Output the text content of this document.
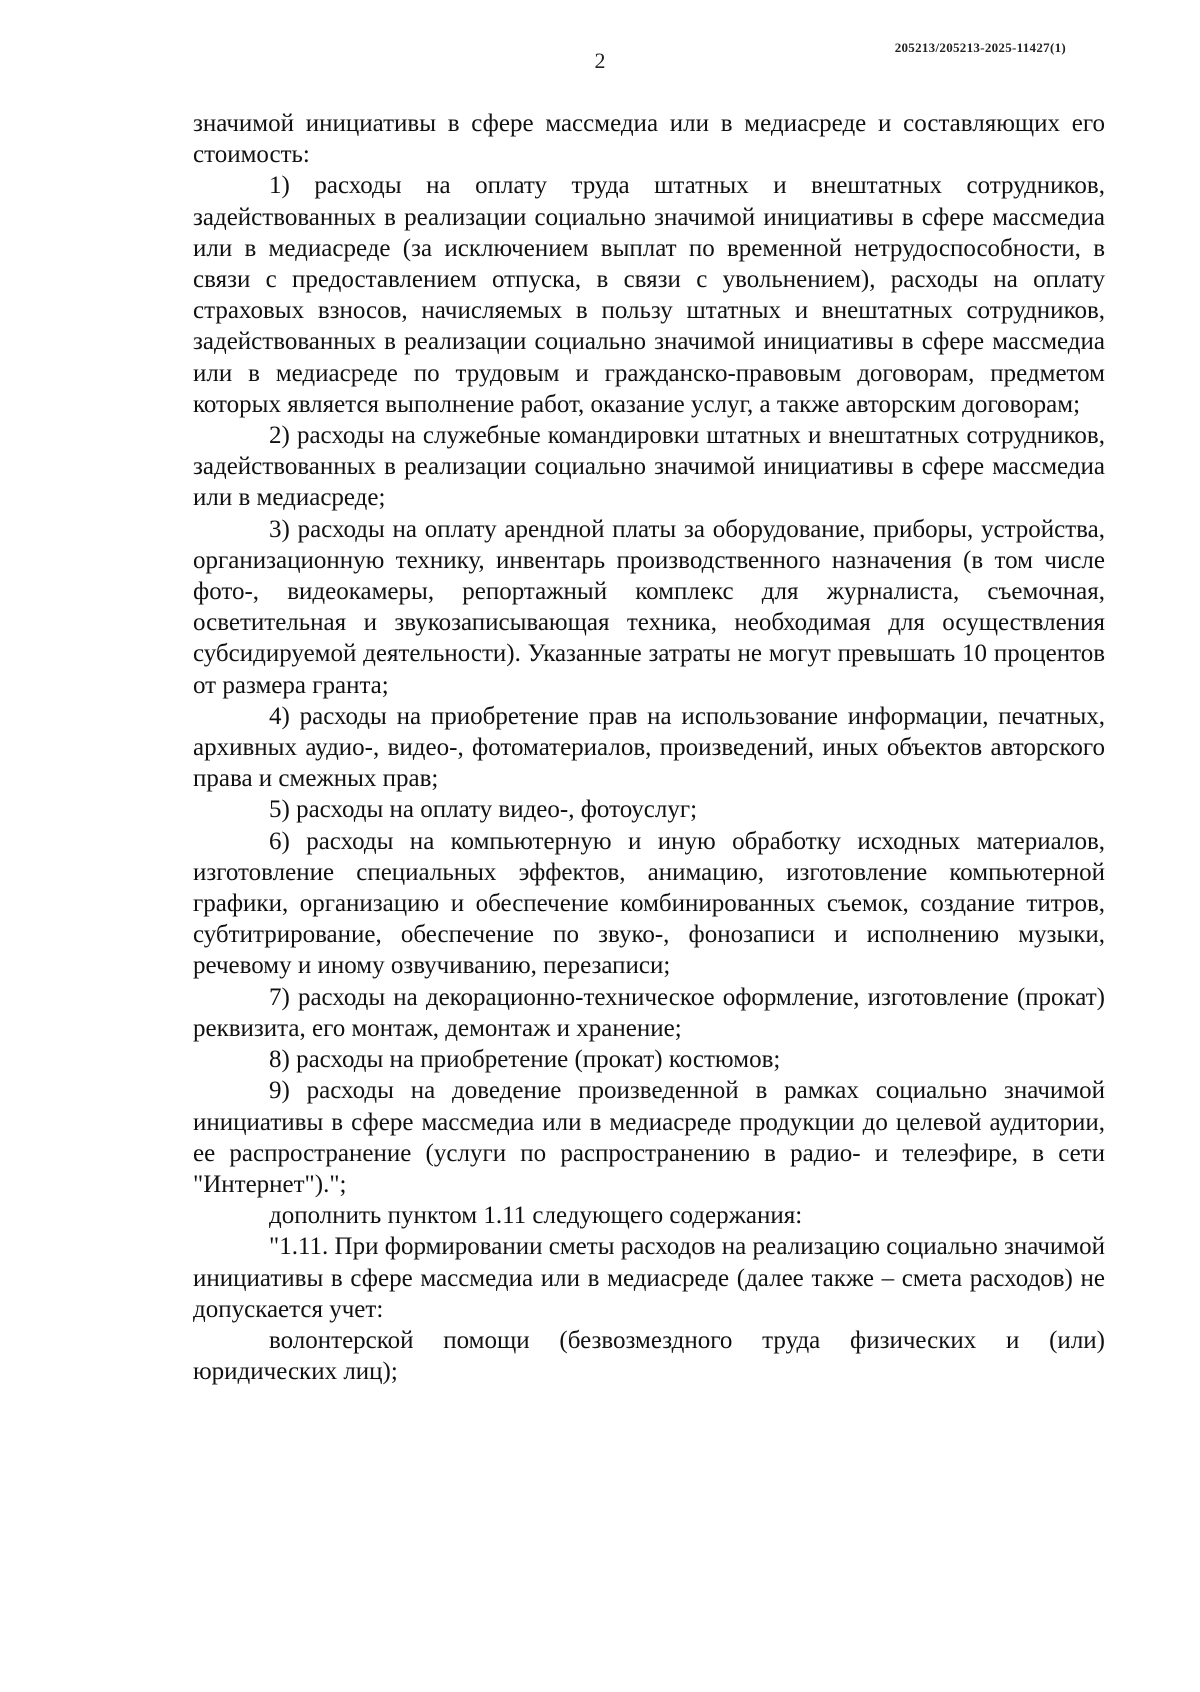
205213/205213-2025-11427(1)
2

значимой инициативы в сфере массмедиа или в медиасреде и составляющих его стоимость:

1) расходы на оплату труда штатных и внештатных сотрудников, задействованных в реализации социально значимой инициативы в сфере массмедиа или в медиасреде (за исключением выплат по временной нетрудоспособности, в связи с предоставлением отпуска, в связи с увольнением), расходы на оплату страховых взносов, начисляемых в пользу штатных и внештатных сотрудников, задействованных в реализации социально значимой инициативы в сфере массмедиа или в медиасреде по трудовым и гражданско-правовым договорам, предметом которых является выполнение работ, оказание услуг, а также авторским договорам;

2) расходы на служебные командировки штатных и внештатных сотрудников, задействованных в реализации социально значимой инициативы в сфере массмедиа или в медиасреде;

3) расходы на оплату арендной платы за оборудование, приборы, устройства, организационную технику, инвентарь производственного назначения (в том числе фото-, видеокамеры, репортажный комплекс для журналиста, съемочная, осветительная и звукозаписывающая техника, необходимая для осуществления субсидируемой деятельности). Указанные затраты не могут превышать 10 процентов от размера гранта;

4) расходы на приобретение прав на использование информации, печатных, архивных аудио-, видео-, фотоматериалов, произведений, иных объектов авторского права и смежных прав;

5) расходы на оплату видео-, фотоуслуг;

6) расходы на компьютерную и иную обработку исходных материалов, изготовление специальных эффектов, анимацию, изготовление компьютерной графики, организацию и обеспечение комбинированных съемок, создание титров, субтитрирование, обеспечение по звуко-, фонозаписи и исполнению музыки, речевому и иному озвучиванию, перезаписи;

7) расходы на декорационно-техническое оформление, изготовление (прокат) реквизита, его монтаж, демонтаж и хранение;

8) расходы на приобретение (прокат) костюмов;

9) расходы на доведение произведенной в рамках социально значимой инициативы в сфере массмедиа или в медиасреде продукции до целевой аудитории, ее распространение (услуги по распространению в радио- и телеэфире, в сети "Интернет").";

дополнить пунктом 1.11 следующего содержания:

"1.11. При формировании сметы расходов на реализацию социально значимой инициативы в сфере массмедиа или в медиасреде (далее также – смета расходов) не допускается учет:

волонтерской помощи (безвозмездного труда физических и (или) юридических лиц);
